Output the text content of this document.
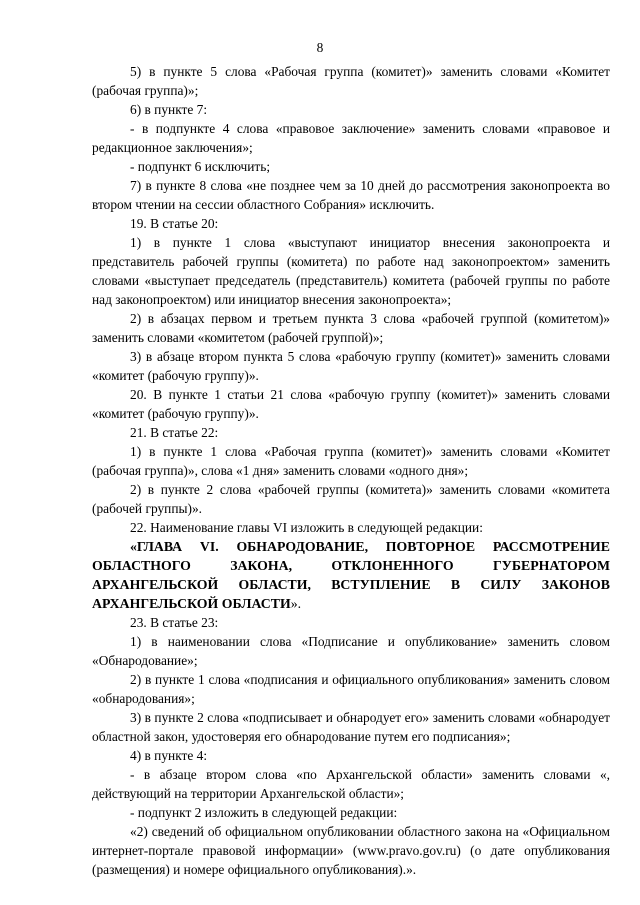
8

5) в пункте 5 слова «Рабочая группа (комитет)» заменить словами «Комитет (рабочая группа)»;

6) в пункте 7:

- в подпункте 4 слова «правовое заключение» заменить словами «правовое и редакционное заключения»;

- подпункт 6 исключить;

7) в пункте 8 слова «не позднее чем за 10 дней до рассмотрения законопроекта во втором чтении на сессии областного Собрания» исключить.

19. В статье 20:

1) в пункте 1 слова «выступают инициатор внесения законопроекта и представитель рабочей группы (комитета) по работе над законопроектом» заменить словами «выступает председатель (представитель) комитета (рабочей группы по работе над законопроектом) или инициатор внесения законопроекта»;

2) в абзацах первом и третьем пункта 3 слова «рабочей группой (комитетом)» заменить словами «комитетом (рабочей группой)»;

3) в абзаце втором пункта 5 слова «рабочую группу (комитет)» заменить словами «комитет (рабочую группу)».

20. В пункте 1 статьи 21 слова «рабочую группу (комитет)» заменить словами «комитет (рабочую группу)».

21. В статье 22:

1) в пункте 1 слова «Рабочая группа (комитет)» заменить словами «Комитет (рабочая группа)», слова «1 дня» заменить словами «одного дня»;

2) в пункте 2 слова «рабочей группы (комитета)» заменить словами «комитета (рабочей группы)».

22. Наименование главы VI изложить в следующей редакции:

«ГЛАВА VI. ОБНАРОДОВАНИЕ, ПОВТОРНОЕ РАССМОТРЕНИЕ ОБЛАСТНОГО ЗАКОНА, ОТКЛОНЕННОГО ГУБЕРНАТОРОМ АРХАНГЕЛЬСКОЙ ОБЛАСТИ, ВСТУПЛЕНИЕ В СИЛУ ЗАКОНОВ АРХАНГЕЛЬСКОЙ ОБЛАСТИ».

23. В статье 23:

1) в наименовании слова «Подписание и опубликование» заменить словом «Обнародование»;

2) в пункте 1 слова «подписания и официального опубликования» заменить словом «обнародования»;

3) в пункте 2 слова «подписывает и обнародует его» заменить словами «обнародует областной закон, удостоверяя его обнародование путем его подписания»;

4) в пункте 4:

- в абзаце втором слова «по Архангельской области» заменить словами «, действующий на территории Архангельской области»;

- подпункт 2 изложить в следующей редакции:

«2) сведений об официальном опубликовании областного закона на «Официальном интернет-портале правовой информации» (www.pravo.gov.ru) (о дате опубликования (размещения) и номере официального опубликования).».
